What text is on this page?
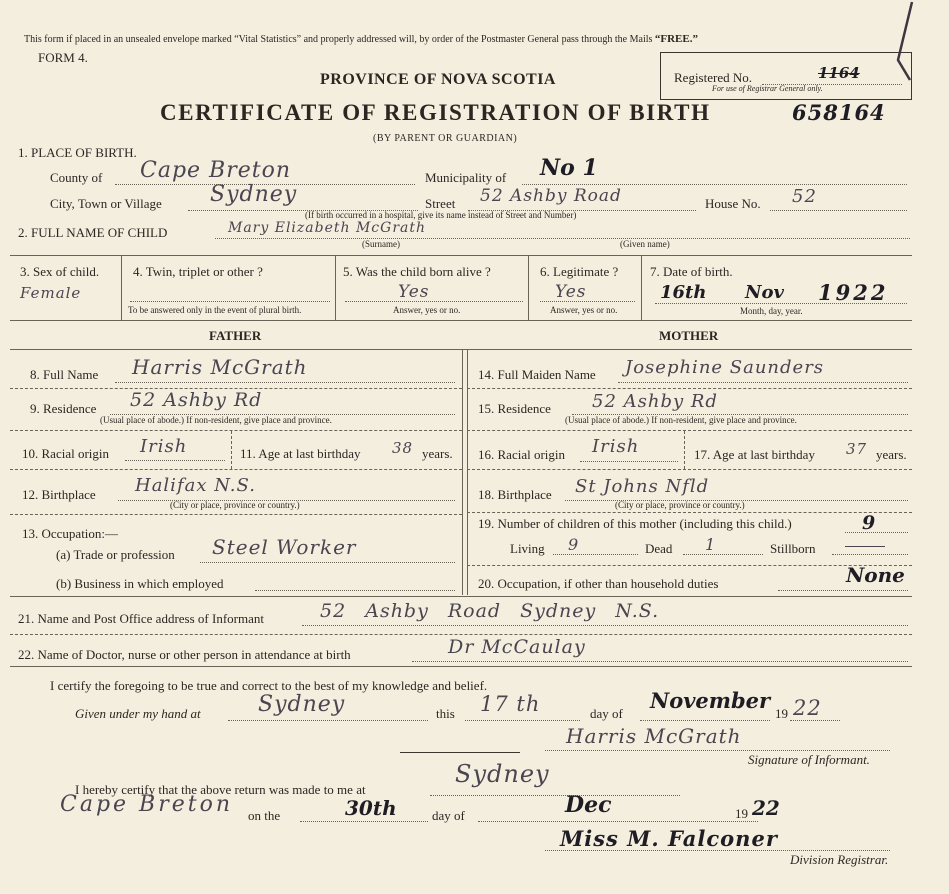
This form if placed in an unsealed envelope marked “Vital Statistics” and properly addressed will, by order of the Postmaster General pass through the Mails “FREE.”
FORM 4.
PROVINCE OF NOVA SCOTIA
CERTIFICATE OF REGISTRATION OF BIRTH
(BY PARENT OR GUARDIAN)
658164
Registered No.	1164
For use of Registrar General only.
1. PLACE OF BIRTH.
County of Cape Breton	Municipality of No 1
City, Town or Village Sydney	Street 52 Ashby Road	House No. 52
(If birth occurred in a hospital, give its name instead of Street and Number)
2. FULL NAME OF CHILD	Mary Elizabeth McGrath
(Surname)	(Given name)
3. Sex of child.
Female
4. Twin, triplet or other ?
To be answered only in the event of plural birth.
5. Was the child born alive ?
Yes
Answer, yes or no.
6. Legitimate ?
Yes
Answer, yes or no.
7. Date of birth.
16th Nov 1922
Month, day, year.
FATHER	MOTHER
8. Full Name Harris McGrath
9. Residence 52 Ashby Rd
(Usual place of abode.) If non-resident, give place and province.
10. Racial origin Irish	11. Age at last birthday 38 years.
12. Birthplace Halifax N.S.
(City or place, province or country.)
13. Occupation:—
(a) Trade or profession Steel Worker
(b) Business in which employed
14. Full Maiden Name Josephine Saunders
15. Residence 52 Ashby Rd
(Usual place of abode.) If non-resident, give place and province.
16. Racial origin Irish	17. Age at last birthday 37 years.
18. Birthplace St Johns Nfld
(City or place, province or country.)
19. Number of children of this mother (including this child.)	9
Living 9	Dead 1	Stillborn
20. Occupation, if other than household duties	None
21. Name and Post Office address of Informant	52 Ashby Road Sydney N.S.
22. Name of Doctor, nurse or other person in attendance at birth	Dr McCaulay
I certify the foregoing to be true and correct to the best of my knowledge and belief.
Given under my hand at	Sydney	this 17 th	day of
November
19 22
Harris McGrath
Signature of Informant.
I hereby certify that the above return was made to me at
Sydney
Cape Breton on the	30th	day of	Dec	19 22
Miss M. Falconer
Division Registrar.
